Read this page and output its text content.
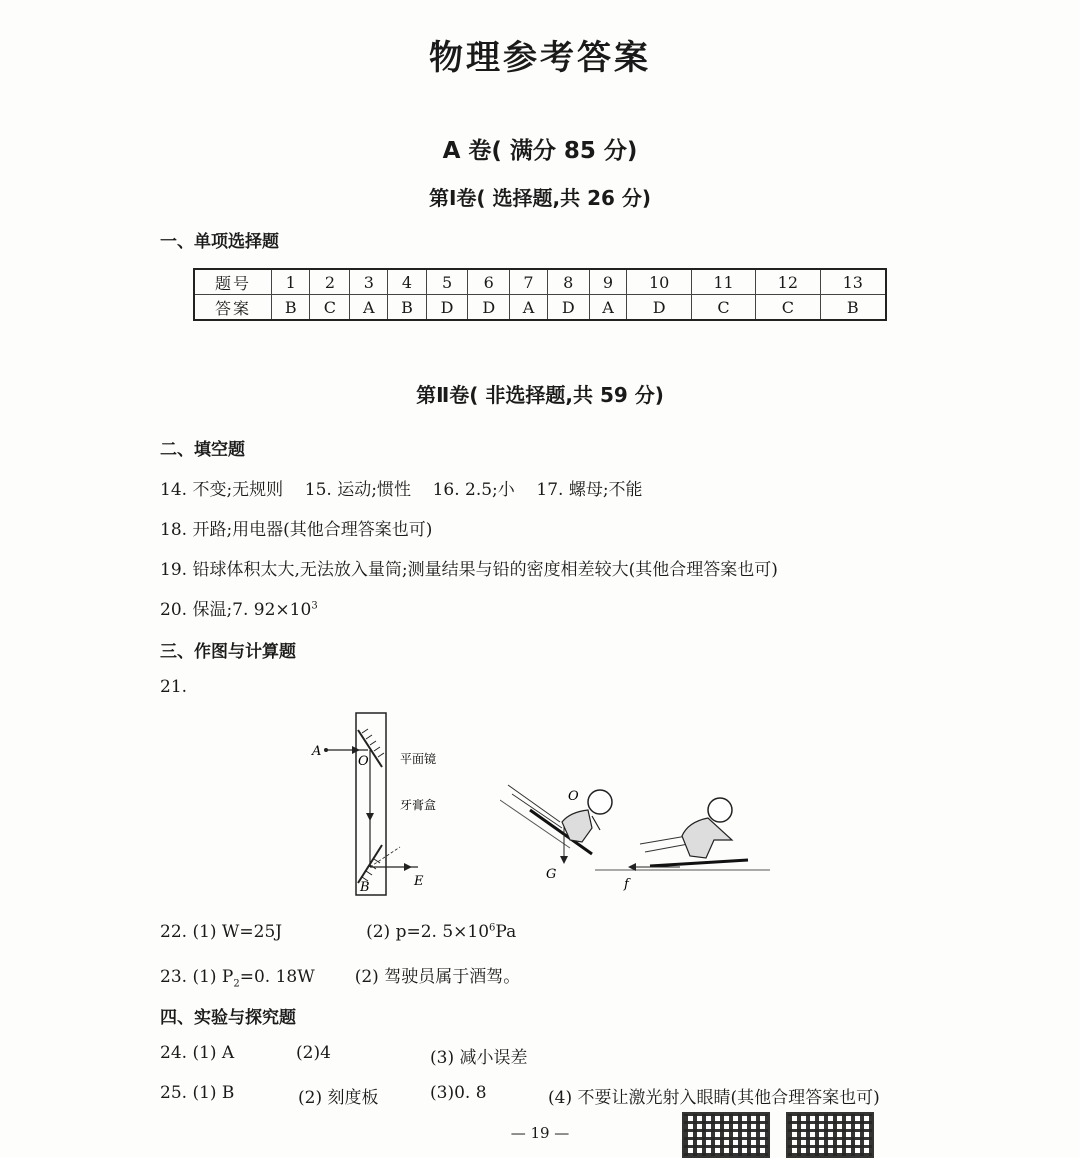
物理参考答案
A 卷( 满分 85 分)
第Ⅰ卷( 选择题,共 26 分)
一、单项选择题
题号	1	2	3	4	5	6	7	8	9	10	11	12	13
答案	B	C	A	B	D	D	A	D	A	D	C	C	B
第Ⅱ卷( 非选择题,共 59 分)
二、填空题
14. 不变;无规则    15. 运动;惯性    16. 2.5;小    17. 螺母;不能
18. 开路;用电器(其他合理答案也可)
19. 铅球体积太大,无法放入量筒;测量结果与铅的密度相差较大(其他合理答案也可)
20. 保温;7. $92\times 10^3$
三、作图与计算题
21.
A
O
B	E
平面镜
牙膏盒
O
G
f
22. (1) W=25J	(2) p=2. $5\times 10^6Pa$
23. (1) $P_2=0$. 18W (2) 驾驶员属于酒驾。
四、实验与探究题
24. (1) A	(2)4	(3) 减小误差
25. (1) B	(2) 刻度板	(3)0. 8	(4) 不要让激光射入眼睛(其他合理答案也可)
— 19 —
